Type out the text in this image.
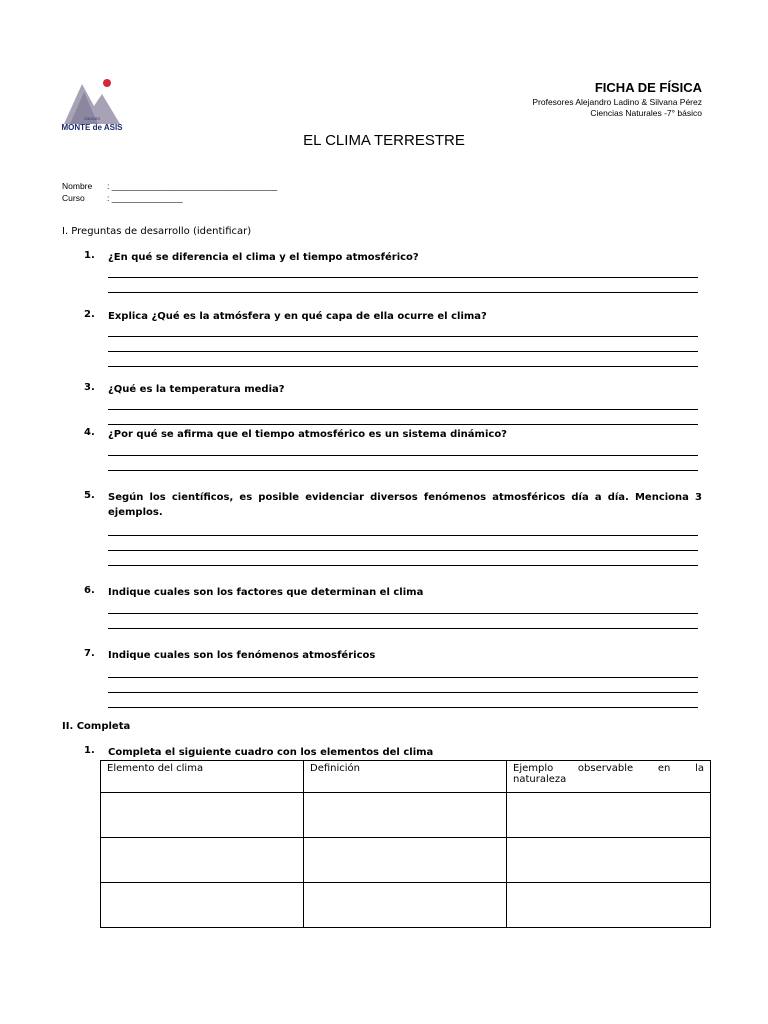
COLEGIO
MONTE de ASIS
FICHA DE FÍSICA
Profesores Alejandro Ladino & Silvana Pérez
Ciencias Naturales -7° básico
EL CLIMA TERRESTRE
Nombre : ___________________________________
Curso	: _______________
I. Preguntas de desarrollo (identificar)
1. ¿En qué se diferencia el clima y el tiempo atmosférico?
2. Explica ¿Qué es la atmósfera y en qué capa de ella ocurre el clima?
3. ¿Qué es la temperatura media?
4. ¿Por qué se afirma que el tiempo atmosférico es un sistema dinámico?
5. Según los científicos, es posible evidenciar diversos fenómenos atmosféricos día a día. Menciona 3 ejemplos.
6. Indique cuales son los factores que determinan el clima
7. Indique cuales son los fenómenos atmosféricos
II. Completa
1. Completa el siguiente cuadro con los elementos del clima
Elemento del clima	Definición	Ejemplo observable en la
naturaleza
